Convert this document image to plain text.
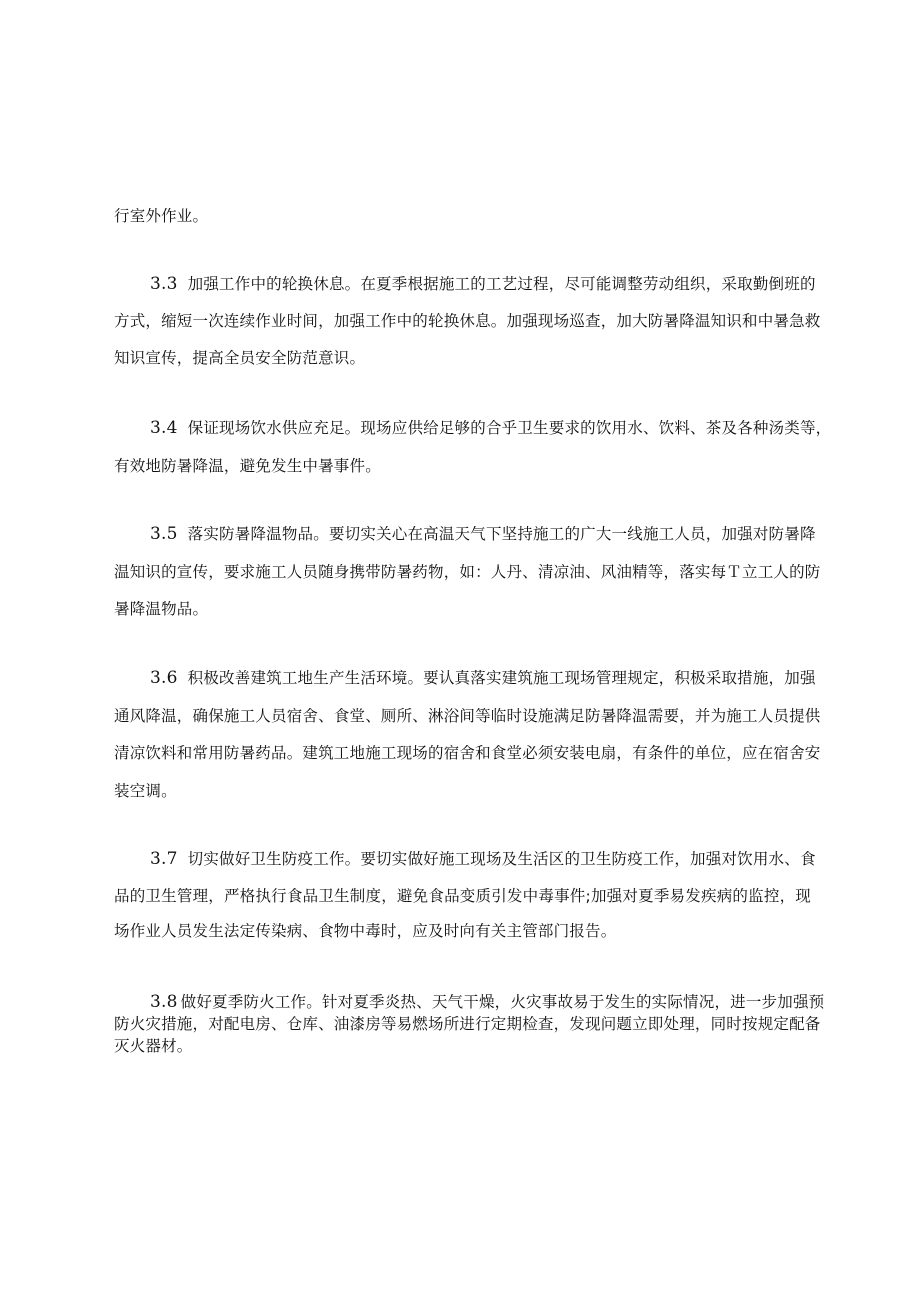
行室外作业。
3.3 加强工作中的轮换休息。在夏季根据施工的工艺过程，尽可能调整劳动组织，采取勤倒班的
方式，缩短一次连续作业时间，加强工作中的轮换休息。加强现场巡查，加大防暑降温知识和中暑急救
知识宣传，提高全员安全防范意识。
3.4 保证现场饮水供应充足。现场应供给足够的合乎卫生要求的饮用水、饮料、茶及各种汤类等，
有效地防暑降温，避免发生中暑事件。
3.5 落实防暑降温物品。要切实关心在高温天气下坚持施工的广大一线施工人员，加强对防暑降
温知识的宣传，要求施工人员随身携带防暑药物，如：人丹、清凉油、风油精等，落实每Ｔ立工人的防
暑降温物品。
3.6 积极改善建筑工地生产生活环境。要认真落实建筑施工现场管理规定，积极采取措施，加强
通风降温，确保施工人员宿舍、食堂、厕所、淋浴间等临时设施满足防暑降温需要，并为施工人员提供
清凉饮料和常用防暑药品。建筑工地施工现场的宿舍和食堂必须安装电扇，有条件的单位，应在宿舍安
装空调。
3.7 切实做好卫生防疫工作。要切实做好施工现场及生活区的卫生防疫工作，加强对饮用水、食
品的卫生管理，严格执行食品卫生制度，避免食品变质引发中毒事件;加强对夏季易发疾病的监控，现
场作业人员发生法定传染病、食物中毒时，应及时向有关主管部门报告。
3.8 做好夏季防火工作。针对夏季炎热、天气干燥，火灾事故易于发生的实际情况，进一步加强预
防火灾措施，对配电房、仓库、油漆房等易燃场所进行定期检查，发现问题立即处理，同时按规定配备
灭火器材。
